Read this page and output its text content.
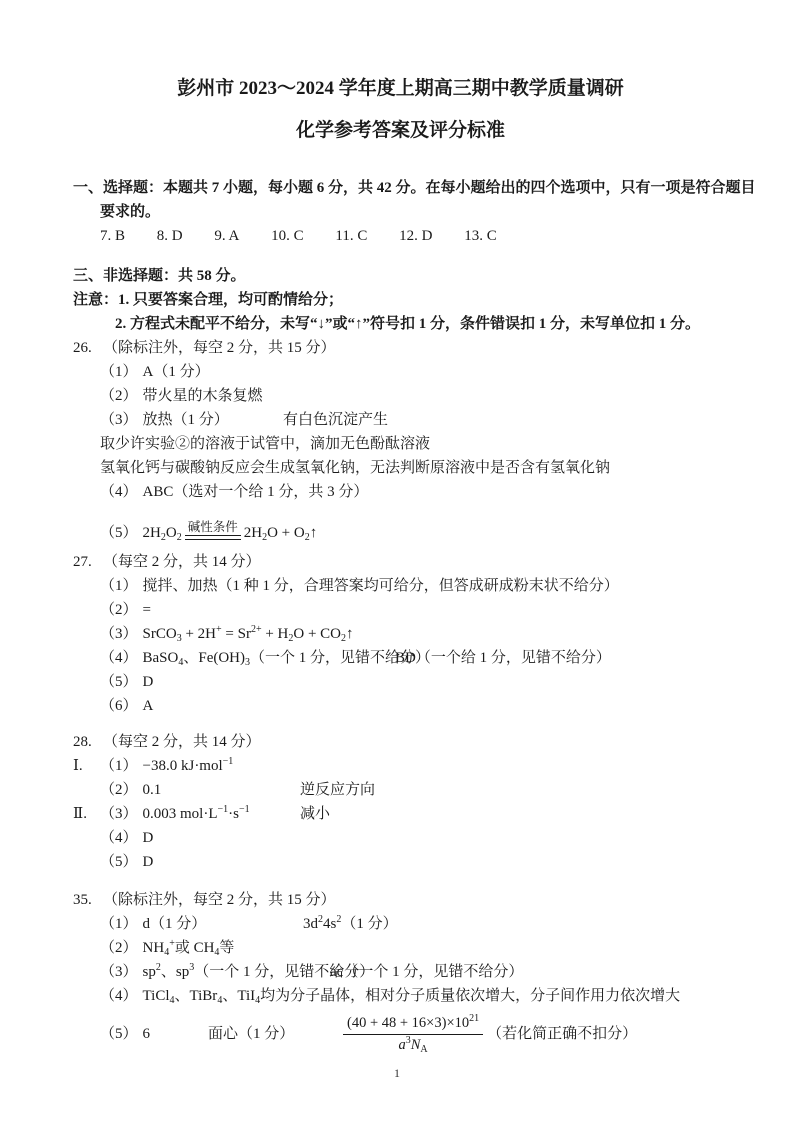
彭州市 2023～2024 学年度上期高三期中教学质量调研
化学参考答案及评分标准
一、选择题：本题共 7 小题，每小题 6 分，共 42 分。在每小题给出的四个选项中，只有一项是符合题目
要求的。
7. B 8. D 9. A 10. C 11. C 12. D 13. C
三、非选择题：共 58 分。
注意：1. 只要答案合理，均可酌情给分；
2. 方程式未配平不给分，未写“↓”或“↑”符号扣 1 分，条件错误扣 1 分，未写单位扣 1 分。
26. （除标注外，每空 2 分，共 15 分）
（1） A（1 分）
（2） 带火星的木条复燃
（3） 放热（1 分）	有白色沉淀产生
取少许实验②的溶液于试管中，滴加无色酚酞溶液
氢氧化钙与碳酸钠反应会生成氢氧化钠，无法判断原溶液中是否含有氢氧化钠
（4） ABC（选对一个给 1 分，共 3 分）
（5） $2H_2O_2$
碱性条件 $2H_2O$ + $O_2↑$
27. （每空 2 分，共 14 分）
（1） 搅拌、加热（1 种 1 分，合理答案均可给分，但答成研成粉末状不给分）
（2） =
（3） SrCO$_3$ + $2H^+ = Sr^{2+} + H_2O$ + $CO_2↑$
（4） BaSO$_4$、$Fe(OH)_3$（一个 1 分，见错不给分）
BD（一个给 1 分，见错不给分）
（5） D
（6） A
28. （每空 2 分，共 14 分）
Ⅰ. （1） −38.0 kJ·mol$^{-1}$
（2） 0.1	逆反应方向
Ⅱ. （3） 0.003 $mol\cdot L^{-1}\cdot s^{-1}$	减小
（4） D
（5） D
35. （除标注外，每空 2 分，共 15 分）
（1） d（1 分）	$3d^24s^2(1$ 分）
（2） $NH_4^+$或 $CH_4$等
（3） $sp^2$、$sp^3$（一个 1 分，见错不给分）
ac（一个 1 分，见错不给分）
（4） TiCl$_4$、TiBr$_4$、TiI$_4$均为分子晶体，相对分子质量依次增大，分子间作用力依次增大
（5） 6	面心（1 分）	$\frac{(40 + 48 + 16\times 3)\times 10^{21}}{a^3N_A}$ （若化简正确不扣分）
1
